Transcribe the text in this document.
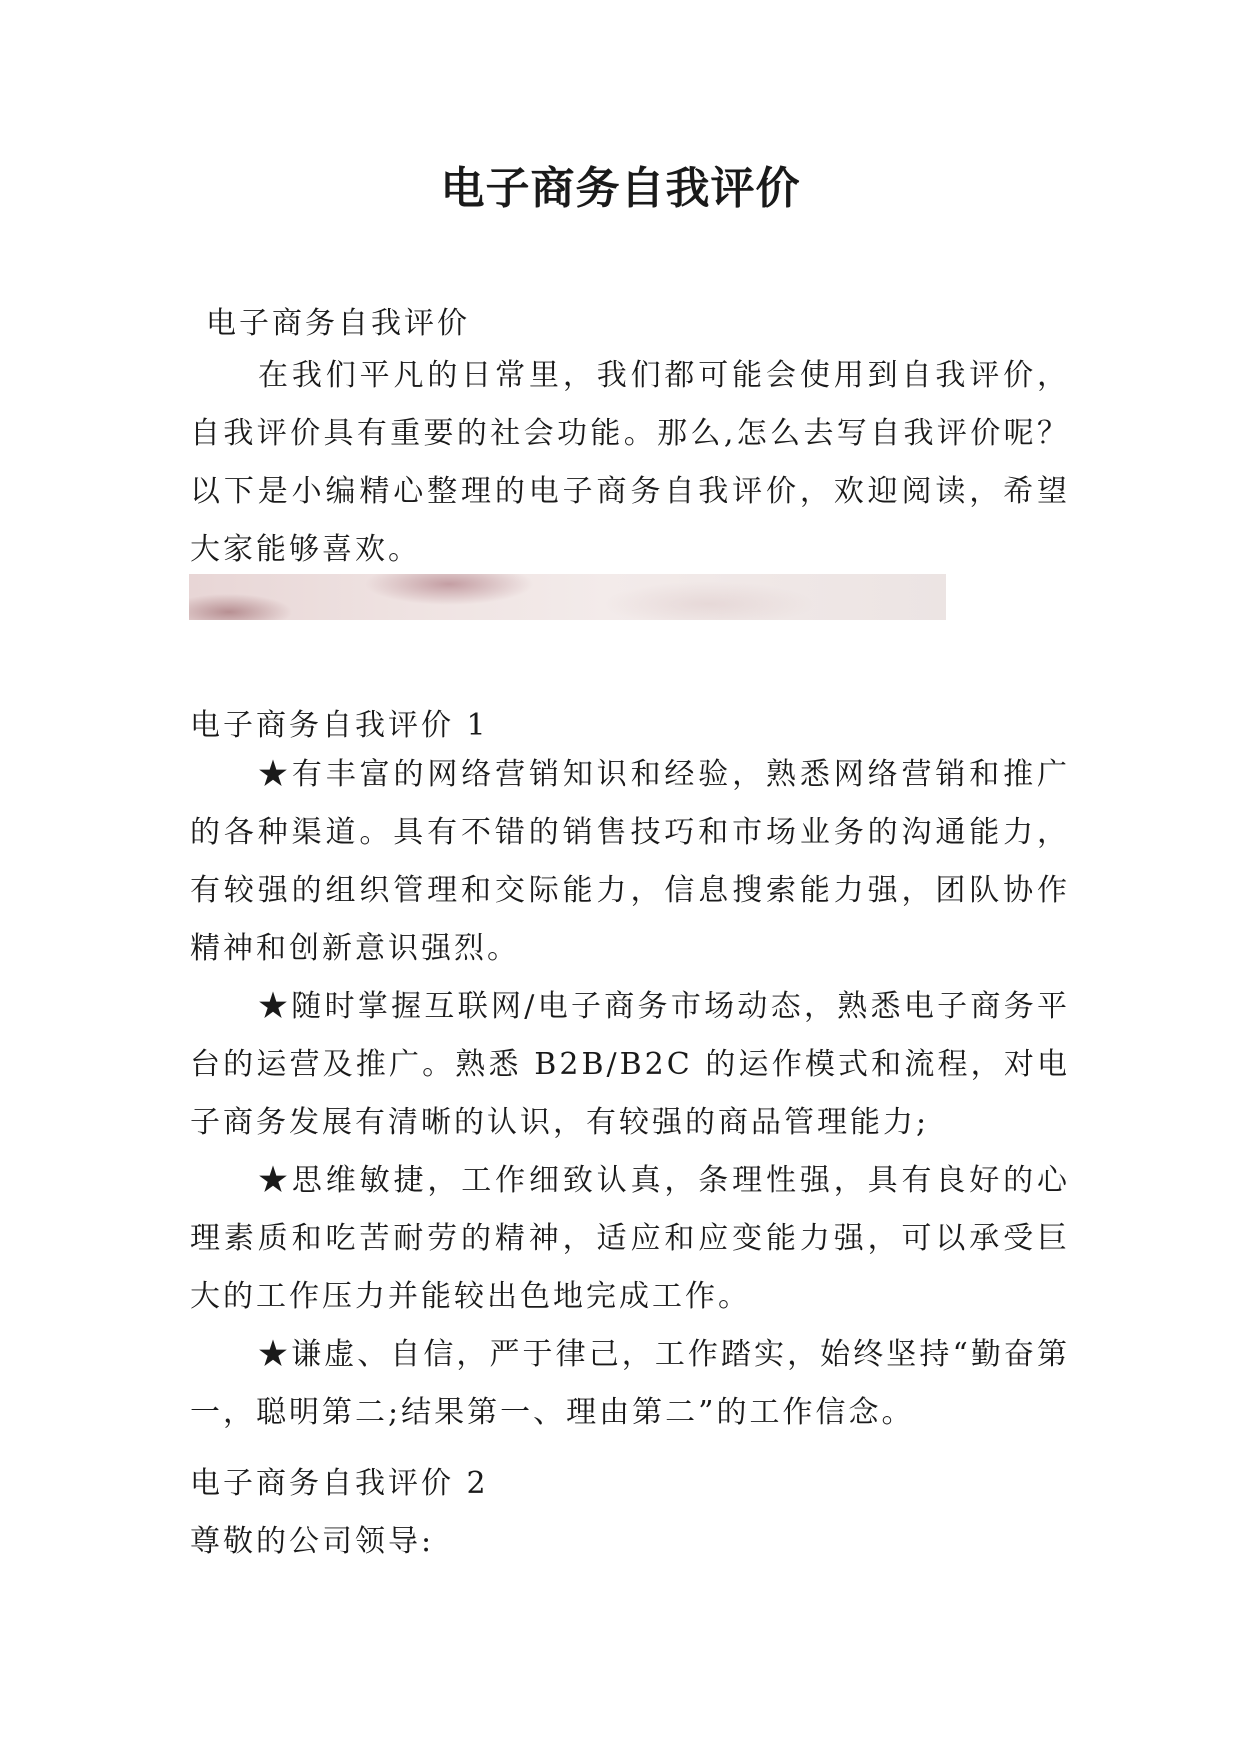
电子商务自我评价
电子商务自我评价

在我们平凡的日常里，我们都可能会使用到自我评价，自我评价具有重要的社会功能。那么,怎么去写自我评价呢？以下是小编精心整理的电子商务自我评价，欢迎阅读，希望大家能够喜欢。

电子商务自我评价 1

★有丰富的网络营销知识和经验，熟悉网络营销和推广的各种渠道。具有不错的销售技巧和市场业务的沟通能力，有较强的组织管理和交际能力，信息搜索能力强，团队协作精神和创新意识强烈。

★随时掌握互联网/电子商务市场动态，熟悉电子商务平台的运营及推广。熟悉 B2B/B2C 的运作模式和流程，对电子商务发展有清晰的认识，有较强的商品管理能力;

★思维敏捷，工作细致认真，条理性强，具有良好的心理素质和吃苦耐劳的精神，适应和应变能力强，可以承受巨大的工作压力并能较出色地完成工作。

★谦虚、自信，严于律己，工作踏实，始终坚持“勤奋第一，聪明第二;结果第一、理由第二”的工作信念。

电子商务自我评价 2
尊敬的公司领导:
